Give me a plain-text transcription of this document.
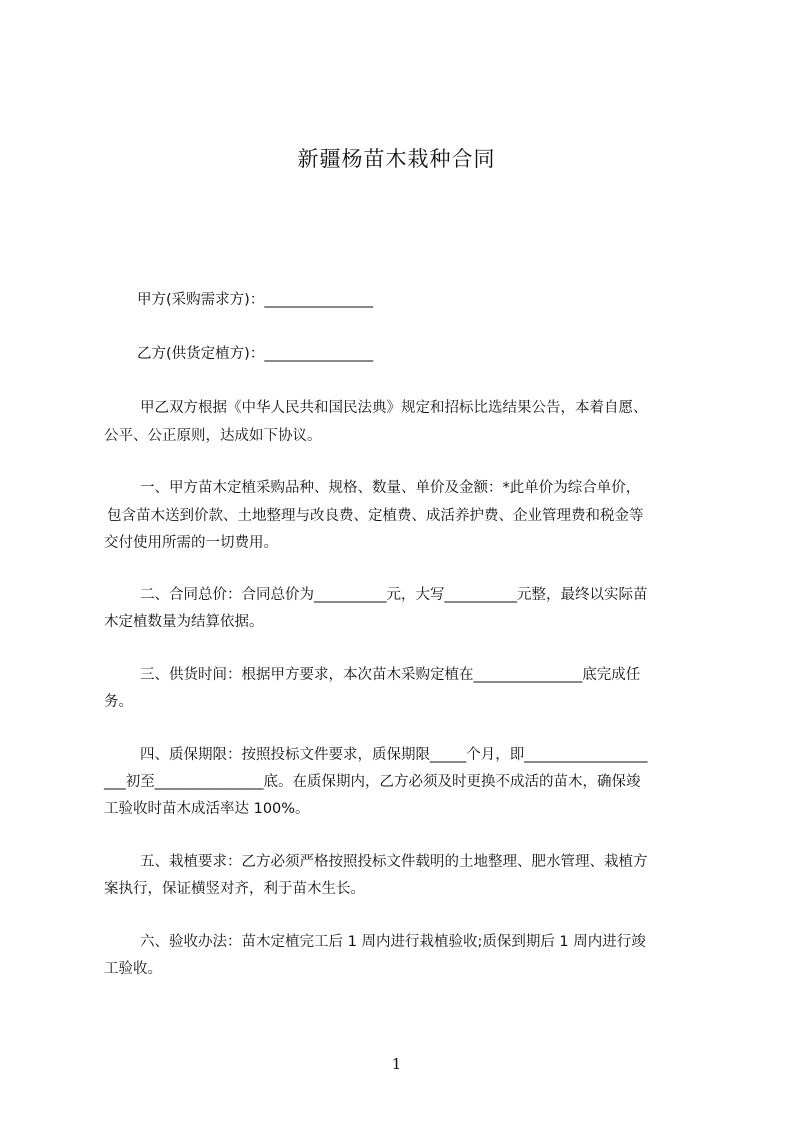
新疆杨苗木栽种合同
甲方(采购需求方)：_______________
乙方(供货定植方)：_______________
甲乙双方根据《中华人民共和国民法典》规定和招标比选结果公告，本着自愿、
公平、公正原则，达成如下协议。
一、甲方苗木定植采购品种、规格、数量、单价及金额：*此单价为综合单价，
包含苗木送到价款、土地整理与改良费、定植费、成活养护费、企业管理费和税金等
交付使用所需的一切费用。
二、合同总价：合同总价为__________元，大写__________元整，最终以实际苗
木定植数量为结算依据。
三、供货时间：根据甲方要求，本次苗木采购定植在_______________底完成任
务。
四、质保期限：按照投标文件要求，质保期限_____个月，即_________________
___初至_______________底。在质保期内，乙方必须及时更换不成活的苗木，确保竣
工验收时苗木成活率达 100%。
五、栽植要求：乙方必须严格按照投标文件载明的土地整理、肥水管理、栽植方
案执行，保证横竖对齐，利于苗木生长。
六、验收办法：苗木定植完工后 1 周内进行栽植验收;质保到期后 1 周内进行竣
工验收。
1
